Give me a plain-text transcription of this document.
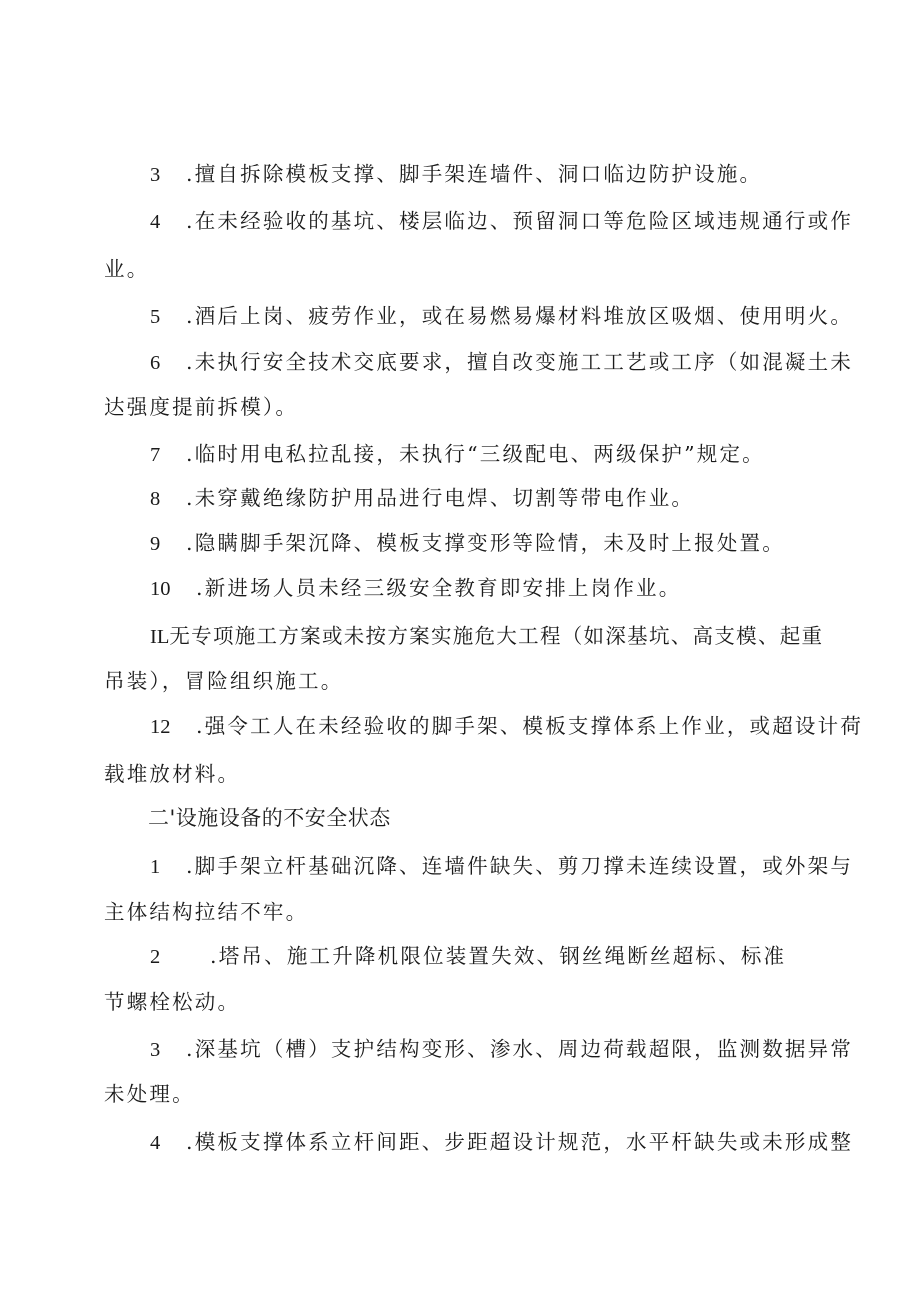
3 .擅自拆除模板支撑、脚手架连墙件、洞口临边防护设施。
4 .在未经验收的基坑、楼层临边、预留洞口等危险区域违规通行或作
业。
5 .酒后上岗、疲劳作业，或在易燃易爆材料堆放区吸烟、使用明火。
6 .未执行安全技术交底要求，擅自改变施工工艺或工序（如混凝土未
达强度提前拆模）。
7 .临时用电私拉乱接，未执行“三级配电、两级保护”规定。
8 .未穿戴绝缘防护用品进行电焊、切割等带电作业。
9 .隐瞒脚手架沉降、模板支撑变形等险情，未及时上报处置。
10 .新进场人员未经三级安全教育即安排上岗作业。
IL无专项施工方案或未按方案实施危大工程（如深基坑、高支模、起重
吊装），冒险组织施工。
12 .强令工人在未经验收的脚手架、模板支撑体系上作业，或超设计荷
载堆放材料。
二'设施设备的不安全状态
1 .脚手架立杆基础沉降、连墙件缺失、剪刀撑未连续设置，或外架与
主体结构拉结不牢。
2 .塔吊、施工升降机限位装置失效、钢丝绳断丝超标、标准
节螺栓松动。
3 .深基坑（槽）支护结构变形、渗水、周边荷载超限，监测数据异常
未处理。
4 .模板支撑体系立杆间距、步距超设计规范，水平杆缺失或未形成整
